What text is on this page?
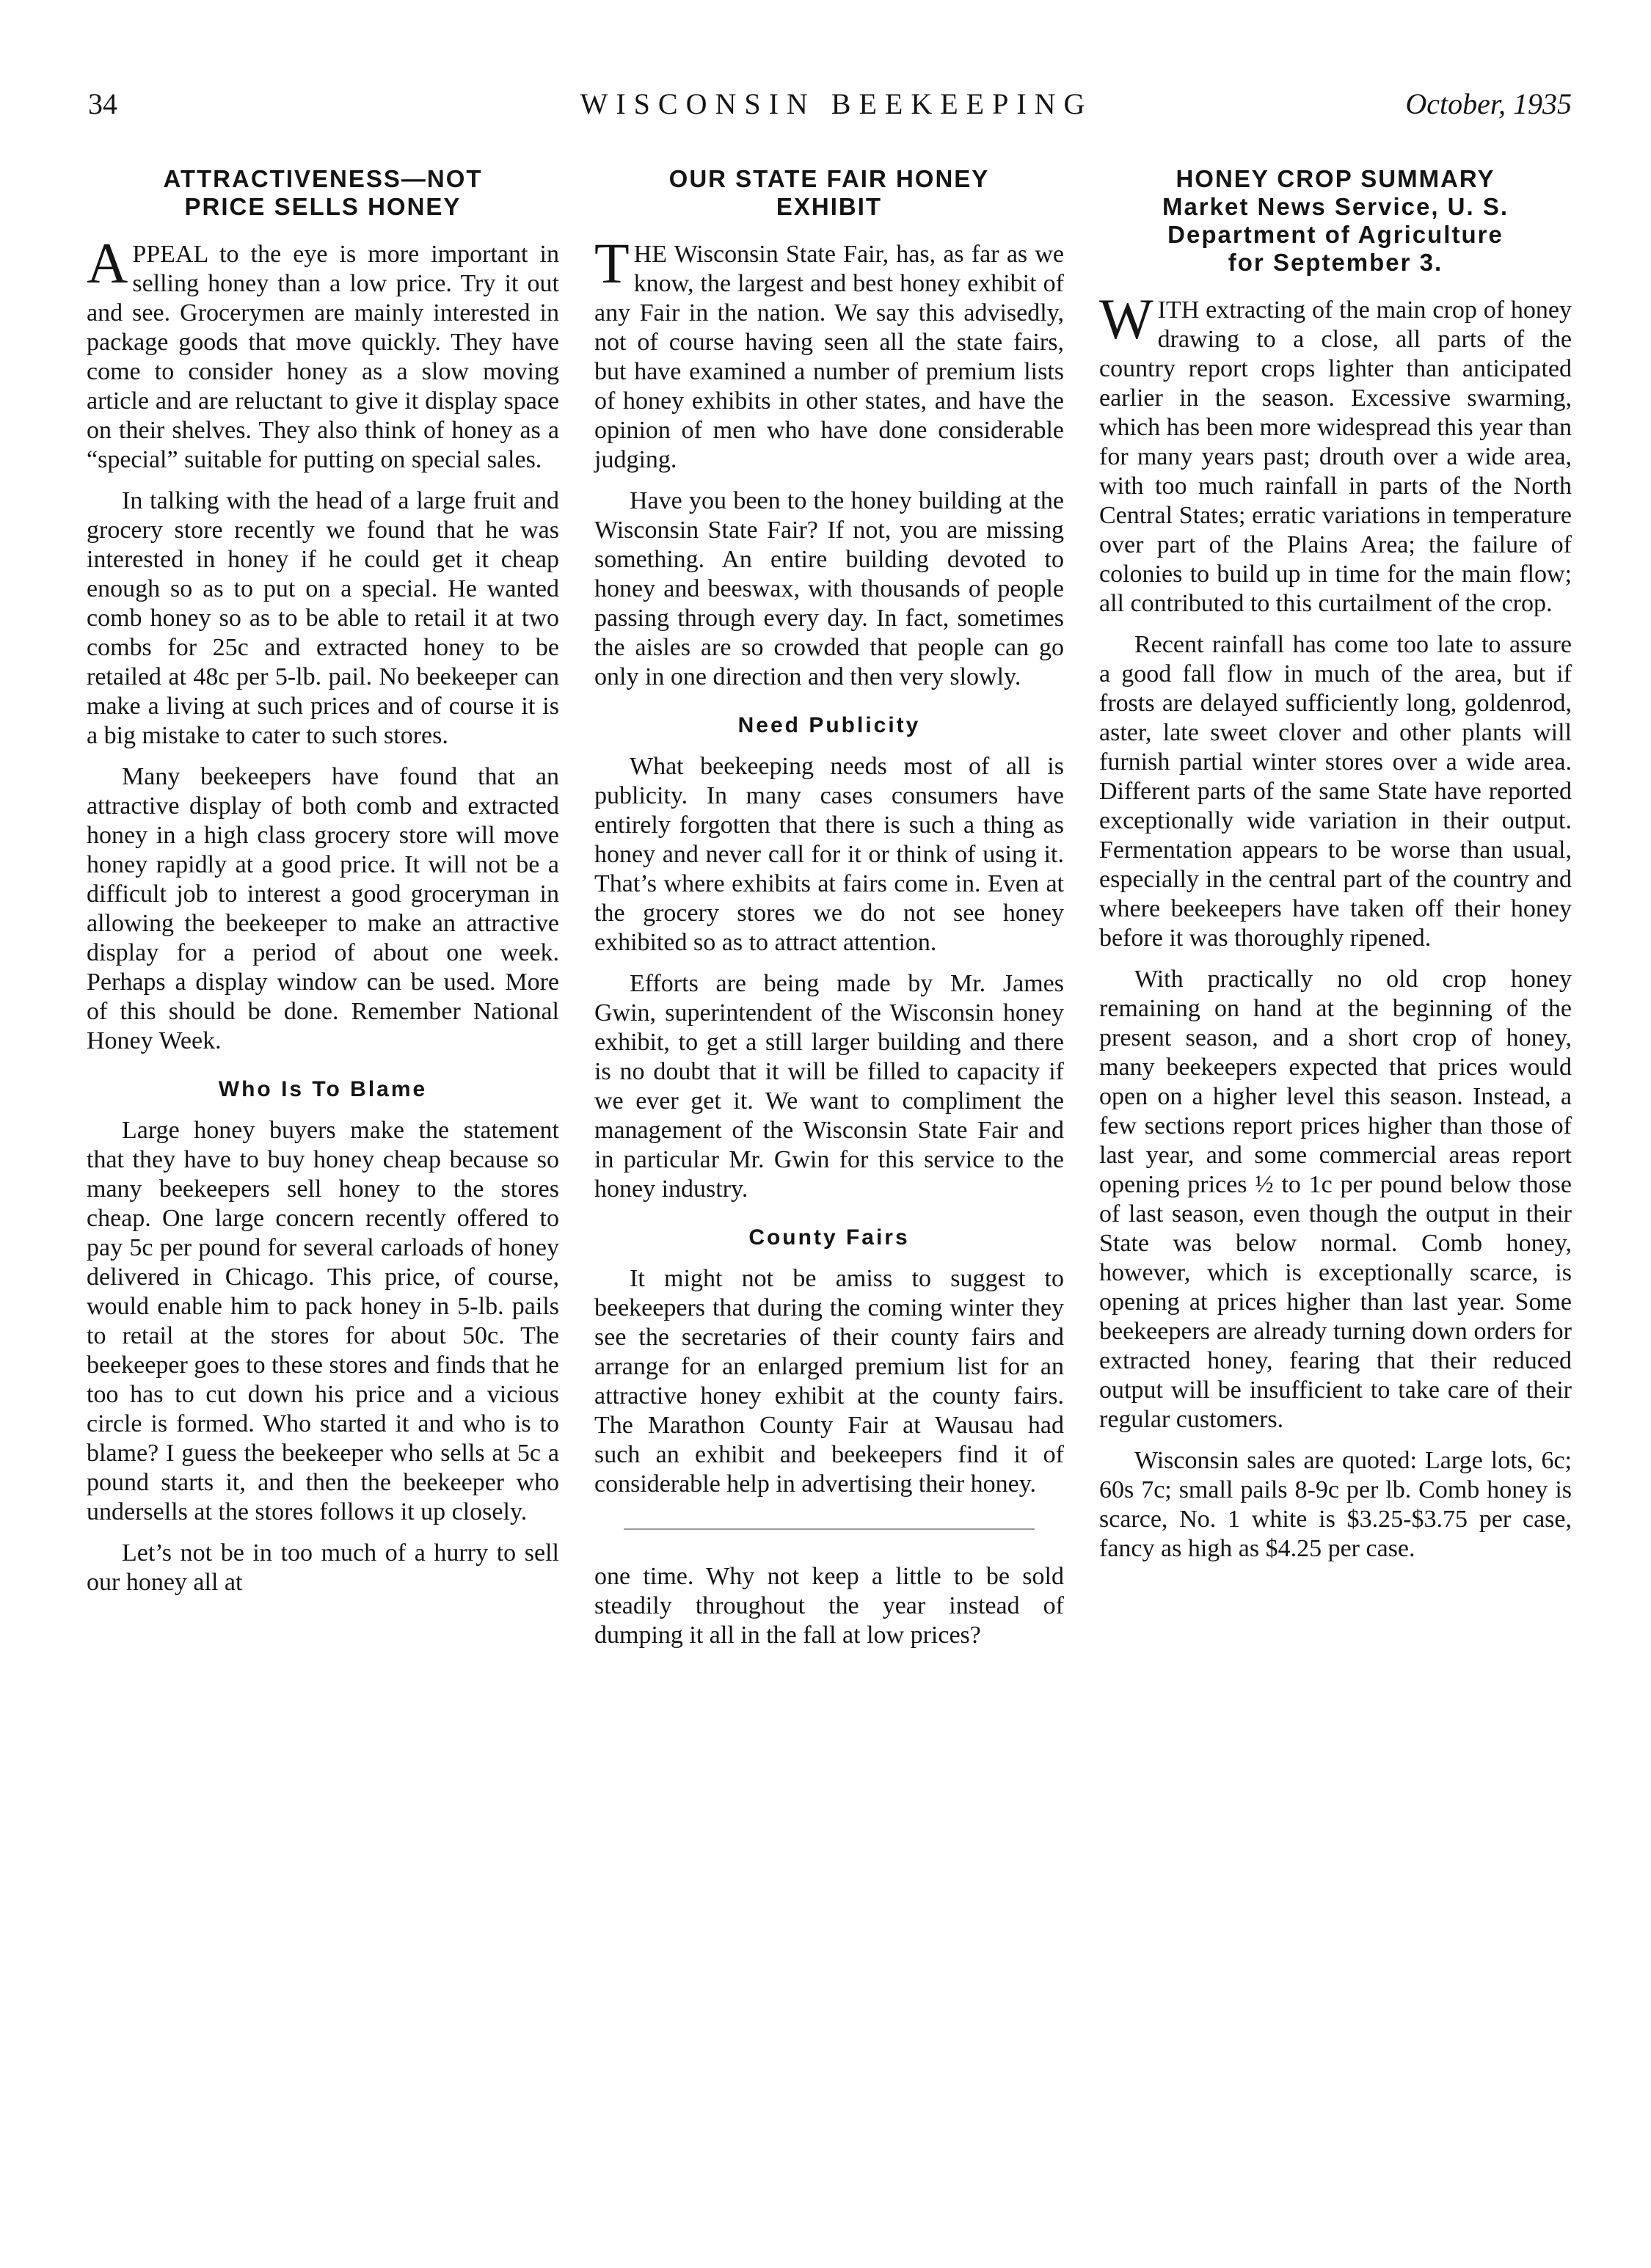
34	WISCONSIN BEEKEEPING	October, 1935
ATTRACTIVENESS—NOT
PRICE SELLS HONEY

APPEAL to the eye is more important in selling honey than a low price. Try it out and see. Grocerymen are mainly interested in package goods that move quickly. They have come to consider honey as a slow moving article and are reluctant to give it display space on their shelves. They also think of honey as a “special” suitable for putting on special sales.

In talking with the head of a large fruit and grocery store recently we found that he was interested in honey if he could get it cheap enough so as to put on a special. He wanted comb honey so as to be able to retail it at two combs for 25c and extracted honey to be retailed at 48c per 5-lb. pail. No beekeeper can make a living at such prices and of course it is a big mistake to cater to such stores.

Many beekeepers have found that an attractive display of both comb and extracted honey in a high class grocery store will move honey rapidly at a good price. It will not be a difficult job to interest a good groceryman in allowing the beekeeper to make an attractive display for a period of about one week. Perhaps a display window can be used. More of this should be done. Remember National Honey Week.

Who Is To Blame

Large honey buyers make the statement that they have to buy honey cheap because so many beekeepers sell honey to the stores cheap. One large concern recently offered to pay 5c per pound for several carloads of honey delivered in Chicago. This price, of course, would enable him to pack honey in 5-lb. pails to retail at the stores for about 50c. The beekeeper goes to these stores and finds that he too has to cut down his price and a vicious circle is formed. Who started it and who is to blame? I guess the beekeeper who sells at 5c a pound starts it, and then the beekeeper who undersells at the stores follows it up closely.

Let’s not be in too much of a hurry to sell our honey all at

OUR STATE FAIR HONEY
EXHIBIT

THE Wisconsin State Fair, has, as far as we know, the largest and best honey exhibit of any Fair in the nation. We say this advisedly, not of course having seen all the state fairs, but have examined a number of premium lists of honey exhibits in other states, and have the opinion of men who have done considerable judging.

Have you been to the honey building at the Wisconsin State Fair? If not, you are missing something. An entire building devoted to honey and beeswax, with thousands of people passing through every day. In fact, sometimes the aisles are so crowded that people can go only in one direction and then very slowly.

Need Publicity

What beekeeping needs most of all is publicity. In many cases consumers have entirely forgotten that there is such a thing as honey and never call for it or think of using it. That’s where exhibits at fairs come in. Even at the grocery stores we do not see honey exhibited so as to attract attention.

Efforts are being made by Mr. James Gwin, superintendent of the Wisconsin honey exhibit, to get a still larger building and there is no doubt that it will be filled to capacity if we ever get it. We want to compliment the management of the Wisconsin State Fair and in particular Mr. Gwin for this service to the honey industry.

County Fairs

It might not be amiss to suggest to beekeepers that during the coming winter they see the secretaries of their county fairs and arrange for an enlarged premium list for an attractive honey exhibit at the county fairs. The Marathon County Fair at Wausau had such an exhibit and beekeepers find it of considerable help in advertising their honey.

one time. Why not keep a little to be sold steadily throughout the year instead of dumping it all in the fall at low prices?

HONEY CROP SUMMARY
Market News Service, U. S.
Department of Agriculture
for September 3.

WITH extracting of the main crop of honey drawing to a close, all parts of the country report crops lighter than anticipated earlier in the season. Excessive swarming, which has been more widespread this year than for many years past; drouth over a wide area, with too much rainfall in parts of the North Central States; erratic variations in temperature over part of the Plains Area; the failure of colonies to build up in time for the main flow; all contributed to this curtailment of the crop.

Recent rainfall has come too late to assure a good fall flow in much of the area, but if frosts are delayed sufficiently long, goldenrod, aster, late sweet clover and other plants will furnish partial winter stores over a wide area. Different parts of the same State have reported exceptionally wide variation in their output. Fermentation appears to be worse than usual, especially in the central part of the country and where beekeepers have taken off their honey before it was thoroughly ripened.

With practically no old crop honey remaining on hand at the beginning of the present season, and a short crop of honey, many beekeepers expected that prices would open on a higher level this season. Instead, a few sections report prices higher than those of last year, and some commercial areas report opening prices ½ to 1c per pound below those of last season, even though the output in their State was below normal. Comb honey, however, which is exceptionally scarce, is opening at prices higher than last year. Some beekeepers are already turning down orders for extracted honey, fearing that their reduced output will be insufficient to take care of their regular customers.

Wisconsin sales are quoted: Large lots, 6c; 60s 7c; small pails 8-9c per lb. Comb honey is scarce, No. 1 white is $3.25-$3.75 per case, fancy as high as $4.25 per case.
